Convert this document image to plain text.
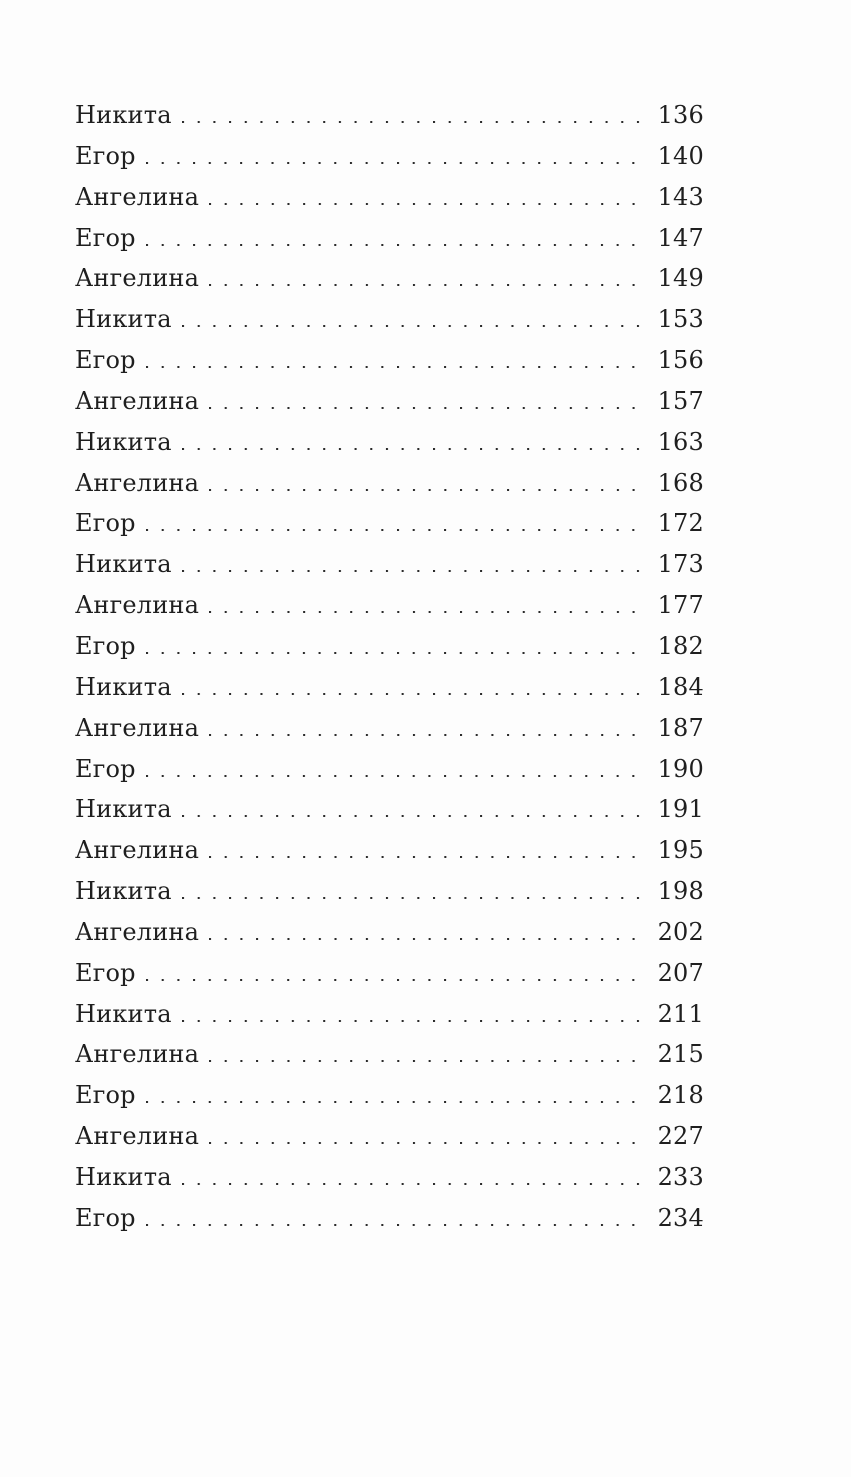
Никита	136
Егор	140
Ангелина	143
Егор	147
Ангелина	149
Никита	153
Егор	156
Ангелина	157
Никита	163
Ангелина	168
Егор	172
Никита	173
Ангелина	177
Егор	182
Никита	184
Ангелина	187
Егор	190
Никита	191
Ангелина	195
Никита	198
Ангелина	202
Егор	207
Никита	211
Ангелина	215
Егор	218
Ангелина	227
Никита	233
Егор	234
